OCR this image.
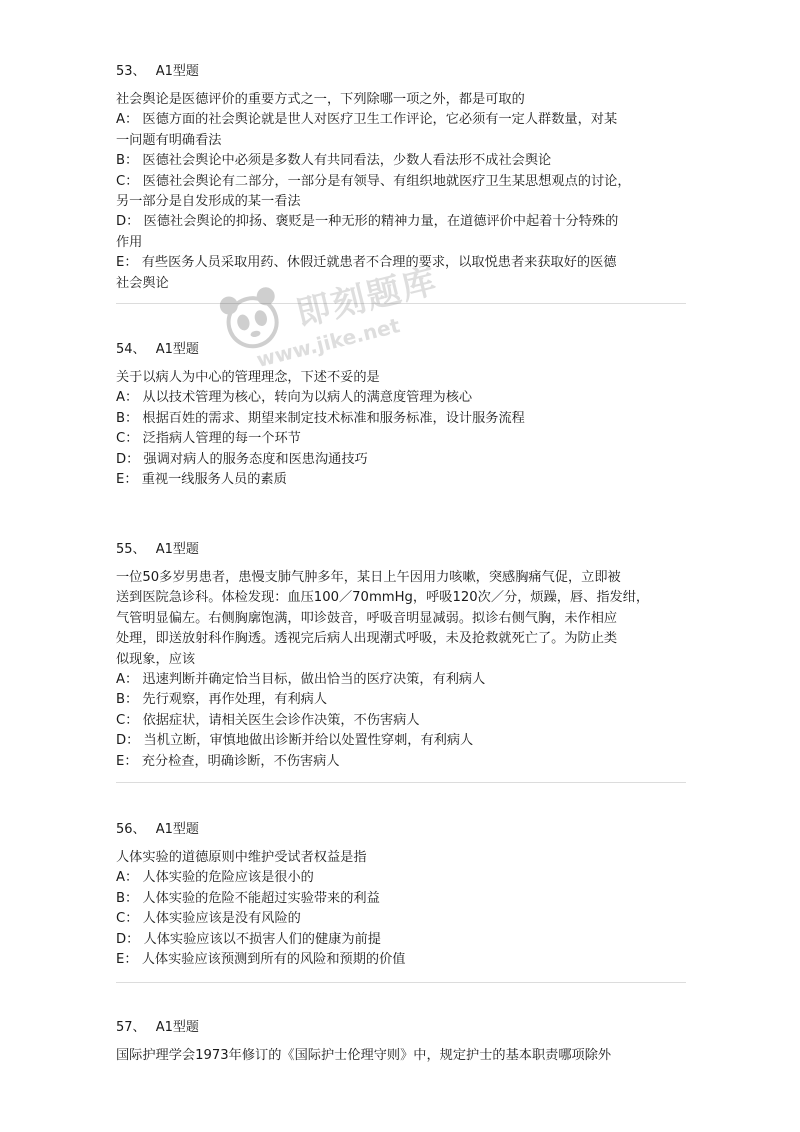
53、 A1型题
社会舆论是医德评价的重要方式之一，下列除哪一项之外，都是可取的
A： 医德方面的社会舆论就是世人对医疗卫生工作评论，它必须有一定人群数量，对某
一问题有明确看法
B： 医德社会舆论中必须是多数人有共同看法，少数人看法形不成社会舆论
C： 医德社会舆论有二部分，一部分是有领导、有组织地就医疗卫生某思想观点的讨论，
另一部分是自发形成的某一看法
D： 医德社会舆论的抑扬、褒贬是一种无形的精神力量，在道德评价中起着十分特殊的
作用
E： 有些医务人员采取用药、休假迁就患者不合理的要求，以取悦患者来获取好的医德
社会舆论
54、 A1型题
关于以病人为中心的管理理念，下述不妥的是
A： 从以技术管理为核心，转向为以病人的满意度管理为核心
B： 根据百姓的需求、期望来制定技术标准和服务标准，设计服务流程
C： 泛指病人管理的每一个环节
D： 强调对病人的服务态度和医患沟通技巧
E： 重视一线服务人员的素质
55、 A1型题
一位50多岁男患者，患慢支肺气肿多年，某日上午因用力咳嗽，突感胸痛气促，立即被
送到医院急诊科。体检发现：血压100／70mmHg，呼吸120次／分，烦躁，唇、指发绀，
气管明显偏左。右侧胸廓饱满，叩诊鼓音，呼吸音明显减弱。拟诊右侧气胸，未作相应
处理，即送放射科作胸透。透视完后病人出现潮式呼吸，未及抢救就死亡了。为防止类
似现象，应该
A： 迅速判断并确定恰当目标，做出恰当的医疗决策，有利病人
B： 先行观察，再作处理，有利病人
C： 依据症状，请相关医生会诊作决策，不伤害病人
D： 当机立断，审慎地做出诊断并给以处置性穿刺，有利病人
E： 充分检查，明确诊断，不伤害病人
56、 A1型题
人体实验的道德原则中维护受试者权益是指
A： 人体实验的危险应该是很小的
B： 人体实验的危险不能超过实验带来的利益
C： 人体实验应该是没有风险的
D： 人体实验应该以不损害人们的健康为前提
E： 人体实验应该预测到所有的风险和预期的价值
57、 A1型题
国际护理学会1973年修订的《国际护士伦理守则》中，规定护士的基本职责哪项除外
即刻题库
www.jike.net
